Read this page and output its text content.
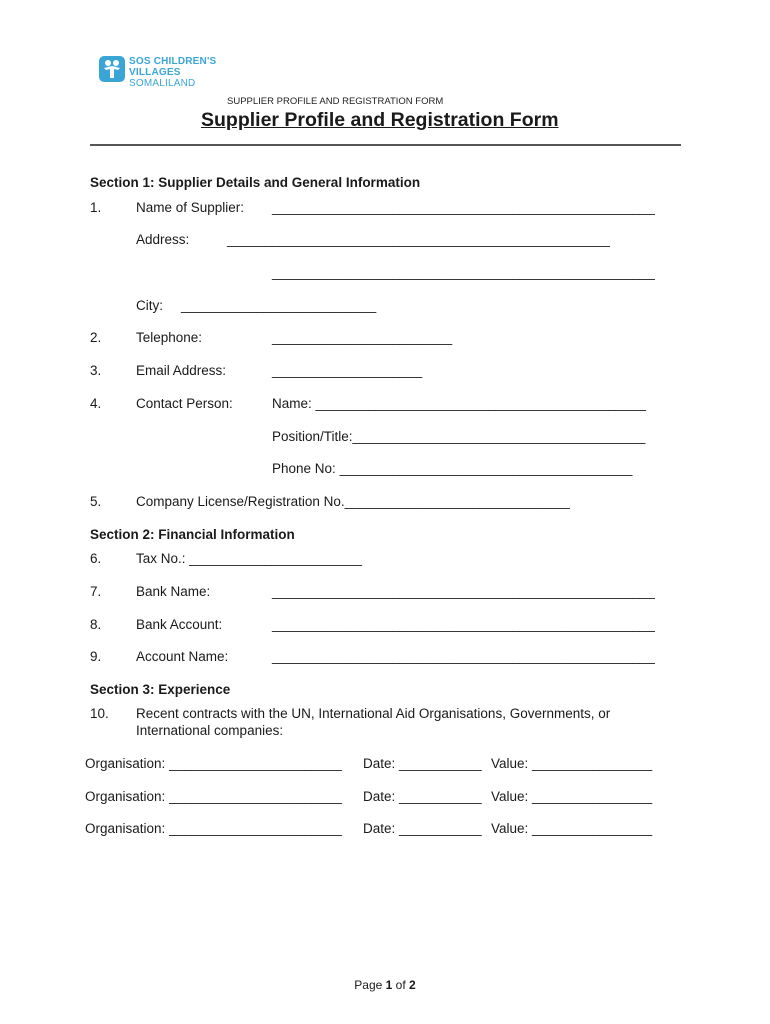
SOS CHILDREN'S
VILLAGES
SOMALILAND
SUPPLIER PROFILE AND REGISTRATION FORM
Supplier Profile and Registration Form
Section 1: Supplier Details and General Information
1.	Name of Supplier: ___________________________________________________
Address:	___________________________________________________
___________________________________________________
City: __________________________
2.	Telephone:	________________________
3.	Email Address:	____________________
4.	Contact Person:	Name: ____________________________________________
Position/Title:_______________________________________
Phone No: _______________________________________
5.	Company License/Registration No.______________________________
Section 2: Financial Information
6.	Tax No.: _______________________
7.	Bank Name:	___________________________________________________
8.	Bank Account:	___________________________________________________
9.	Account Name:	___________________________________________________
Section 3: Experience
10. Recent contracts with the UN, International Aid Organisations, Governments, or
International companies:
Organisation: _______________________ Date: ___________ Value: ________________
Organisation: _______________________ Date: ___________ Value: ________________
Organisation: _______________________ Date: ___________ Value: ________________
Page 1 of 2
